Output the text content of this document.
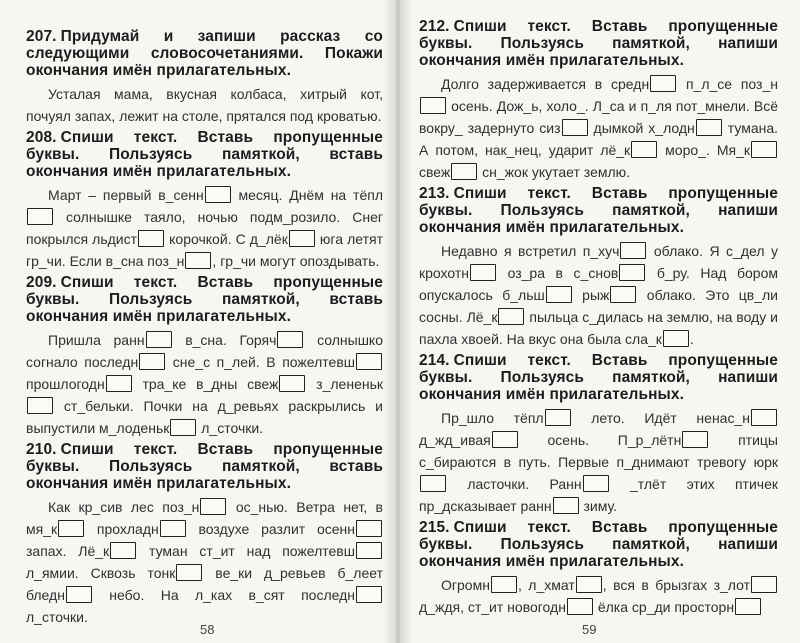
207. Придумай и запиши рассказ со следующими словосочетаниями. Покажи окончания имён прилагательных.

Усталая мама, вкусная колбаса, хитрый кот, почуял запах, лежит на столе, прятался под кроватью.

208. Спиши текст. Вставь пропущенные буквы. Пользуясь памяткой, вставь окончания имён прилагательных.

Март – первый в_сенн месяц. Днём на тёпл солнышке таяло, ночью подм_розило. Снег покрылся льдист корочкой. С д_лёк юга летят гр_чи. Если в_сна поз_н , гр_чи могут опоздывать.

209. Спиши текст. Вставь пропущенные буквы. Пользуясь памяткой, вставь окончания имён прилагательных.

Пришла ранн в_сна. Горяч солнышко согнало последн сне_с п_лей. В пожелтевш прошлогодн тра_ке в_дны свеж з_лененьк ст_бельки. Почки на д_ревьях раскрылись и выпустили м_лоденьк л_сточки.

210. Спиши текст. Вставь пропущенные буквы. Пользуясь памяткой, вставь окончания имён прилагательных.

Как кр_сив лес поз_н ос_нью. Ветра нет, в мя_к прохладн воздухе разлит осенн запах. Лё_к туман ст_ит над пожелтевш л_ямии. Сквозь тонк ве_ки д_ревьев б_леет бледн небо. На л_ках в_сят последн л_сточки.

58
212. Спиши текст. Вставь пропущенные буквы. Пользуясь памяткой, напиши окончания имён прилагательных.

Долго задерживается в средн п_л_се поз_н осень. Дож_ь, холо_. Л_са и п_ля пот_мнели. Всё вокру_ задернуто сиз дымкой х_лодн тумана. А потом, нак_нец, ударит лё_к моро_. Мя_к свеж сн_жок укутает землю.

213. Спиши текст. Вставь пропущенные буквы. Пользуясь памяткой, напиши окончания имён прилагательных.

Недавно я встретил п_хуч облако. Я с_дел у крохотн оз_ра в с_снов б_ру. Над бором опускалось б_льш рыж облако. Это цв_ли сосны. Лё_к пыльца с_дилась на землю, на воду и пахла хвоей. На вкус она была сла_к .

214. Спиши текст. Вставь пропущенные буквы. Пользуясь памяткой, напиши окончания имён прилагательных.

Пр_шло тёпл лето. Идёт ненас_н д_жд_ивая осень. П_р_лётн птицы с_бираются в путь. Первые п_днимают тревогу юрк ласточки. Ранн _тлёт этих птичек пр_дсказывает ранн зиму.

215. Спиши текст. Вставь пропущенные буквы. Пользуясь памяткой, напиши окончания имён прилагательных.

Огромн , л_хмат , вся в брызгах з_лот д_ждя, ст_ит новогодн ёлка ср_ди просторн

59
